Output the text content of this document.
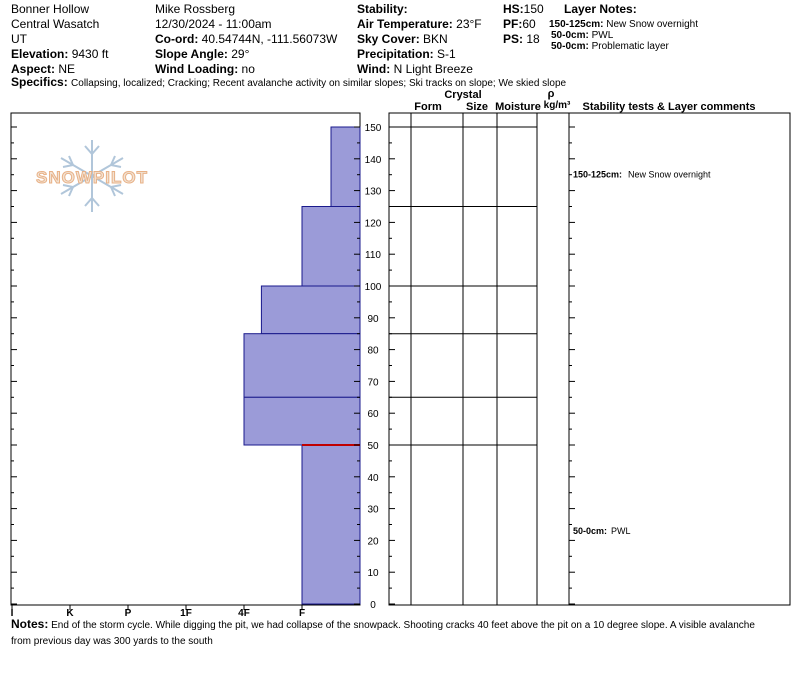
Bonner Hollow
Central Wasatch
UT
Elevation: 9430 ft
Aspect: NE
Mike Rossberg
12/30/2024 - 11:00am
Co-ord: 40.54744N, -111.56073W
Slope Angle: 29°
Wind Loading: no
Stability:
Air Temperature: 23°F
Sky Cover: BKN
Precipitation: S-1
Wind: N Light Breeze
HS:150
PF:60
PS: 18
Layer Notes:
150-125cm: New Snow overnight
50-0cm: PWL
50-0cm: Problematic layer
Specifics: Collapsing, localized; Cracking; Recent avalanche activity on similar slopes; Ski tracks on slope; We skied slope
SNOWPILOT
I	K	P	1F	4F	F
0
10
20
30
40
50
60
70
80
90
100
110
120
130
140
150
Crystal
Form Size Moisture
ρ
kg/m³ Stability tests & Layer comments
150-125cm: New Snow overnight
50-0cm: PWL
Notes: End of the storm cycle. While digging the pit, we had collapse of the snowpack. Shooting cracks 40 feet above the pit on a 10 degree slope. A visible avalanche from previous day was 300 yards to the south
